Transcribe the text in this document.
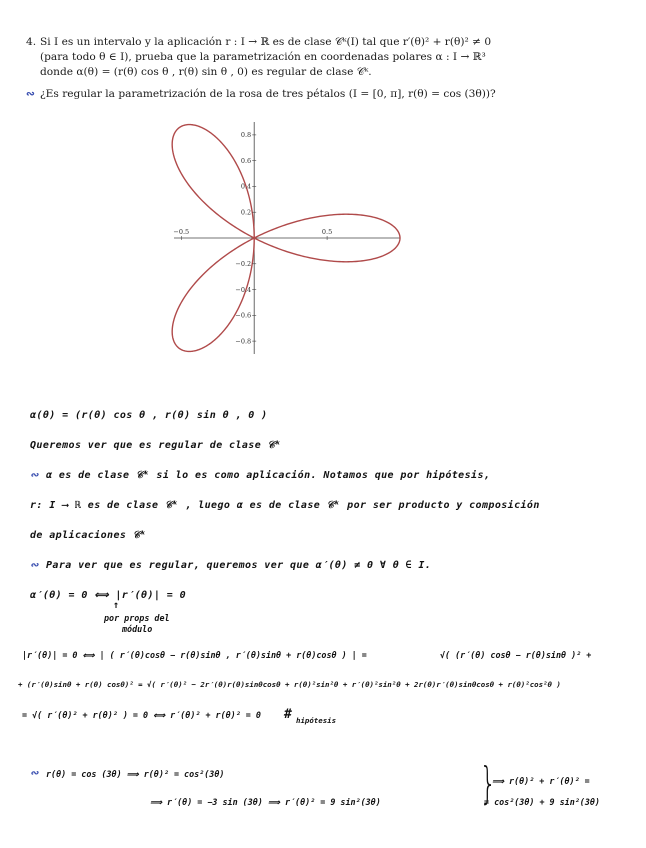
4. Si I es un intervalo y la aplicación r : I → ℝ es de clase 𝒞ᵏ(I) tal que r′(θ)² + r(θ)² ≠ 0
(para todo θ ∈ I), prueba que la parametrización en coordenadas polares α : I → ℝ³
donde α(θ) = (r(θ) cos θ , r(θ) sin θ , 0) es regular de clase 𝒞ᵏ.
∾ ¿Es regular la parametrización de la rosa de tres pétalos (I = [0, π], r(θ) = cos (3θ))?
0.8
0.6
0.4
0.2
−0.2
−0.4
−0.6
−0.8
−0.5	0.5
α(θ) = (r(θ) cos θ , r(θ) sin θ , 0 )
Queremos ver que es regular de clase 𝒞ᵏ
∾ α es de clase 𝒞ᵏ si lo es como aplicación. Notamos que por hipótesis,
r: I ⟶ ℝ es de clase 𝒞ᵏ , luego α es de clase 𝒞ᵏ por ser producto y composición
de aplicaciones 𝒞ᵏ
∾ Para ver que es regular, queremos ver que α′(θ) ≠ 0 ∀ θ ∈ I.
α′(θ) = 0 ⟺ |r′(θ)| = 0
↑
por props del
módulo
|r′(θ)| = 0 ⟺ | ( r′(θ)cosθ − r(θ)sinθ , r′(θ)sinθ + r(θ)cosθ ) | =	√( (r′(θ) cosθ − r(θ)sinθ )² +
+ (r′(θ)sinθ + r(θ) cosθ)² = √( r′(θ)² − 2r′(θ)r(θ)sinθcosθ + r(θ)²sin²θ + r′(θ)²sin²θ + 2r(θ)r′(θ)sinθcosθ + r(θ)²cos²θ )
= √( r′(θ)² + r(θ)² ) = 0 ⟺ r′(θ)² + r(θ)² = 0 # hipótesis
∾ r(θ) = cos (3θ) ⟹ r(θ)² = cos²(3θ)
⟹ r′(θ) = −3 sin (3θ) ⟹ r′(θ)² = 9 sin²(3θ) }
⟹ r(θ)² + r′(θ)² =
= cos²(3θ) + 9 sin²(3θ)
